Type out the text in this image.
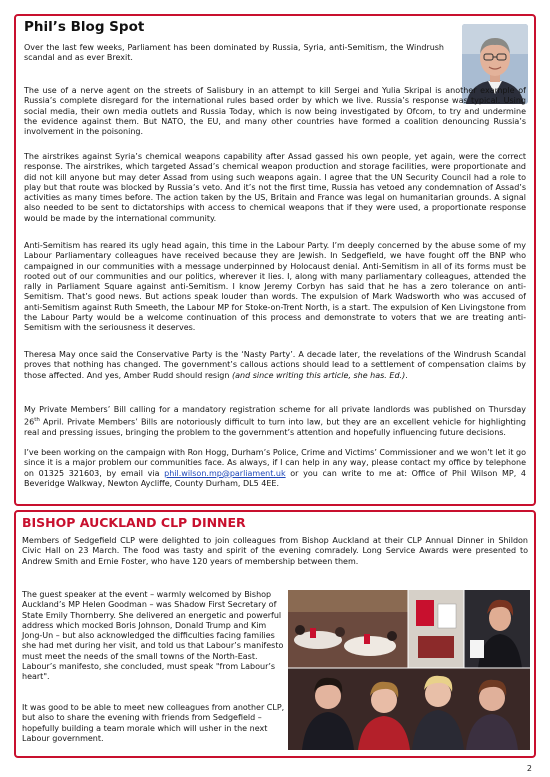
Phil’s Blog Spot

Over the last few weeks, Parliament has been dominated by Russia, Syria, anti-Semitism, the Windrush scandal and as ever Brexit.

The use of a nerve agent on the streets of Salisbury in an attempt to kill Sergei and Yulia Skripal is another example of Russia’s complete disregard for the international rules based order by which we live. Russia’s response was typical. Using social media, their own media outlets and Russia Today, which is now being investigated by Ofcom, to try and undermine the evidence against them. But NATO, the EU, and many other countries have formed a coalition denouncing Russia’s involvement in the poisoning.

The airstrikes against Syria’s chemical weapons capability after Assad gassed his own people, yet again, were the correct response. The airstrikes, which targeted Assad’s chemical weapon production and storage facilities, were proportionate and did not kill anyone but may deter Assad from using such weapons again. I agree that the UN Security Council had a role to play but that route was blocked by Russia’s veto. And it’s not the first time, Russia has vetoed any condemnation of Assad’s activities as many times before. The action taken by the US, Britain and France was legal on humanitarian grounds. A signal also needed to be sent to dictatorships with access to chemical weapons that if they were used, a proportionate response would be made by the international community.

Anti-Semitism has reared its ugly head again, this time in the Labour Party. I’m deeply concerned by the abuse some of my Labour Parliamentary colleagues have received because they are Jewish. In Sedgefield, we have fought off the BNP who campaigned in our communities with a message underpinned by Holocaust denial. Anti-Semitism in all of its forms must be rooted out of our communities and our politics, wherever it lies. I, along with many parliamentary colleagues, attended the rally in Parliament Square against anti-Semitism. I know Jeremy Corbyn has said that he has a zero tolerance on anti-Semitism. That’s good news. But actions speak louder than words. The expulsion of Mark Wadsworth who was accused of anti-Semitism against Ruth Smeeth, the Labour MP for Stoke-on-Trent North, is a start. The expulsion of Ken Livingstone from the Labour Party would be a welcome continuation of this process and demonstrate to voters that we are treating anti-Semitism with the seriousness it deserves.

Theresa May once said the Conservative Party is the ‘Nasty Party’. A decade later, the revelations of the Windrush Scandal proves that nothing has changed. The government’s callous actions should lead to a settlement of compensation claims by those affected. And yes, Amber Rudd should resign (and since writing this article, she has. Ed.).

My Private Members’ Bill calling for a mandatory registration scheme for all private landlords was published on Thursday 26th April. Private Members’ Bills are notoriously difficult to turn into law, but they are an excellent vehicle for highlighting real and pressing issues, bringing the problem to the government’s attention and hopefully influencing future decisions.

I’ve been working on the campaign with Ron Hogg, Durham’s Police, Crime and Victims’ Commissioner and we won’t let it go since it is a major problem our communities face. As always, if I can help in any way, please contact my office by telephone on 01325 321603, by email via phil.wilson.mp@parliament.uk or you can write to me at: Office of Phil Wilson MP, 4 Beveridge Walkway, Newton Aycliffe, County Durham, DL5 4EE.

BISHOP AUCKLAND CLP DINNER

Members of Sedgefield CLP were delighted to join colleagues from Bishop Auckland at their CLP Annual Dinner in Shildon Civic Hall on 23 March. The food was tasty and spirit of the evening comradely. Long Service Awards were presented to Andrew Smith and Ernie Foster, who have 120 years of membership between them.

The guest speaker at the event – warmly welcomed by Bishop Auckland’s MP Helen Goodman – was Shadow First Secretary of State Emily Thornberry. She delivered an energetic and powerful address which mocked Boris Johnson, Donald Trump and Kim Jong-Un – but also acknowledged the difficulties facing families she had met during her visit, and told us that Labour’s manifesto must meet the needs of the small towns of the North-East. Labour’s manifesto, she concluded, must speak "from Labour’s heart".

It was good to be able to meet new colleagues from another CLP, but also to share the evening with friends from Sedgefield – hopefully building a team morale which will usher in the next Labour government.

2
